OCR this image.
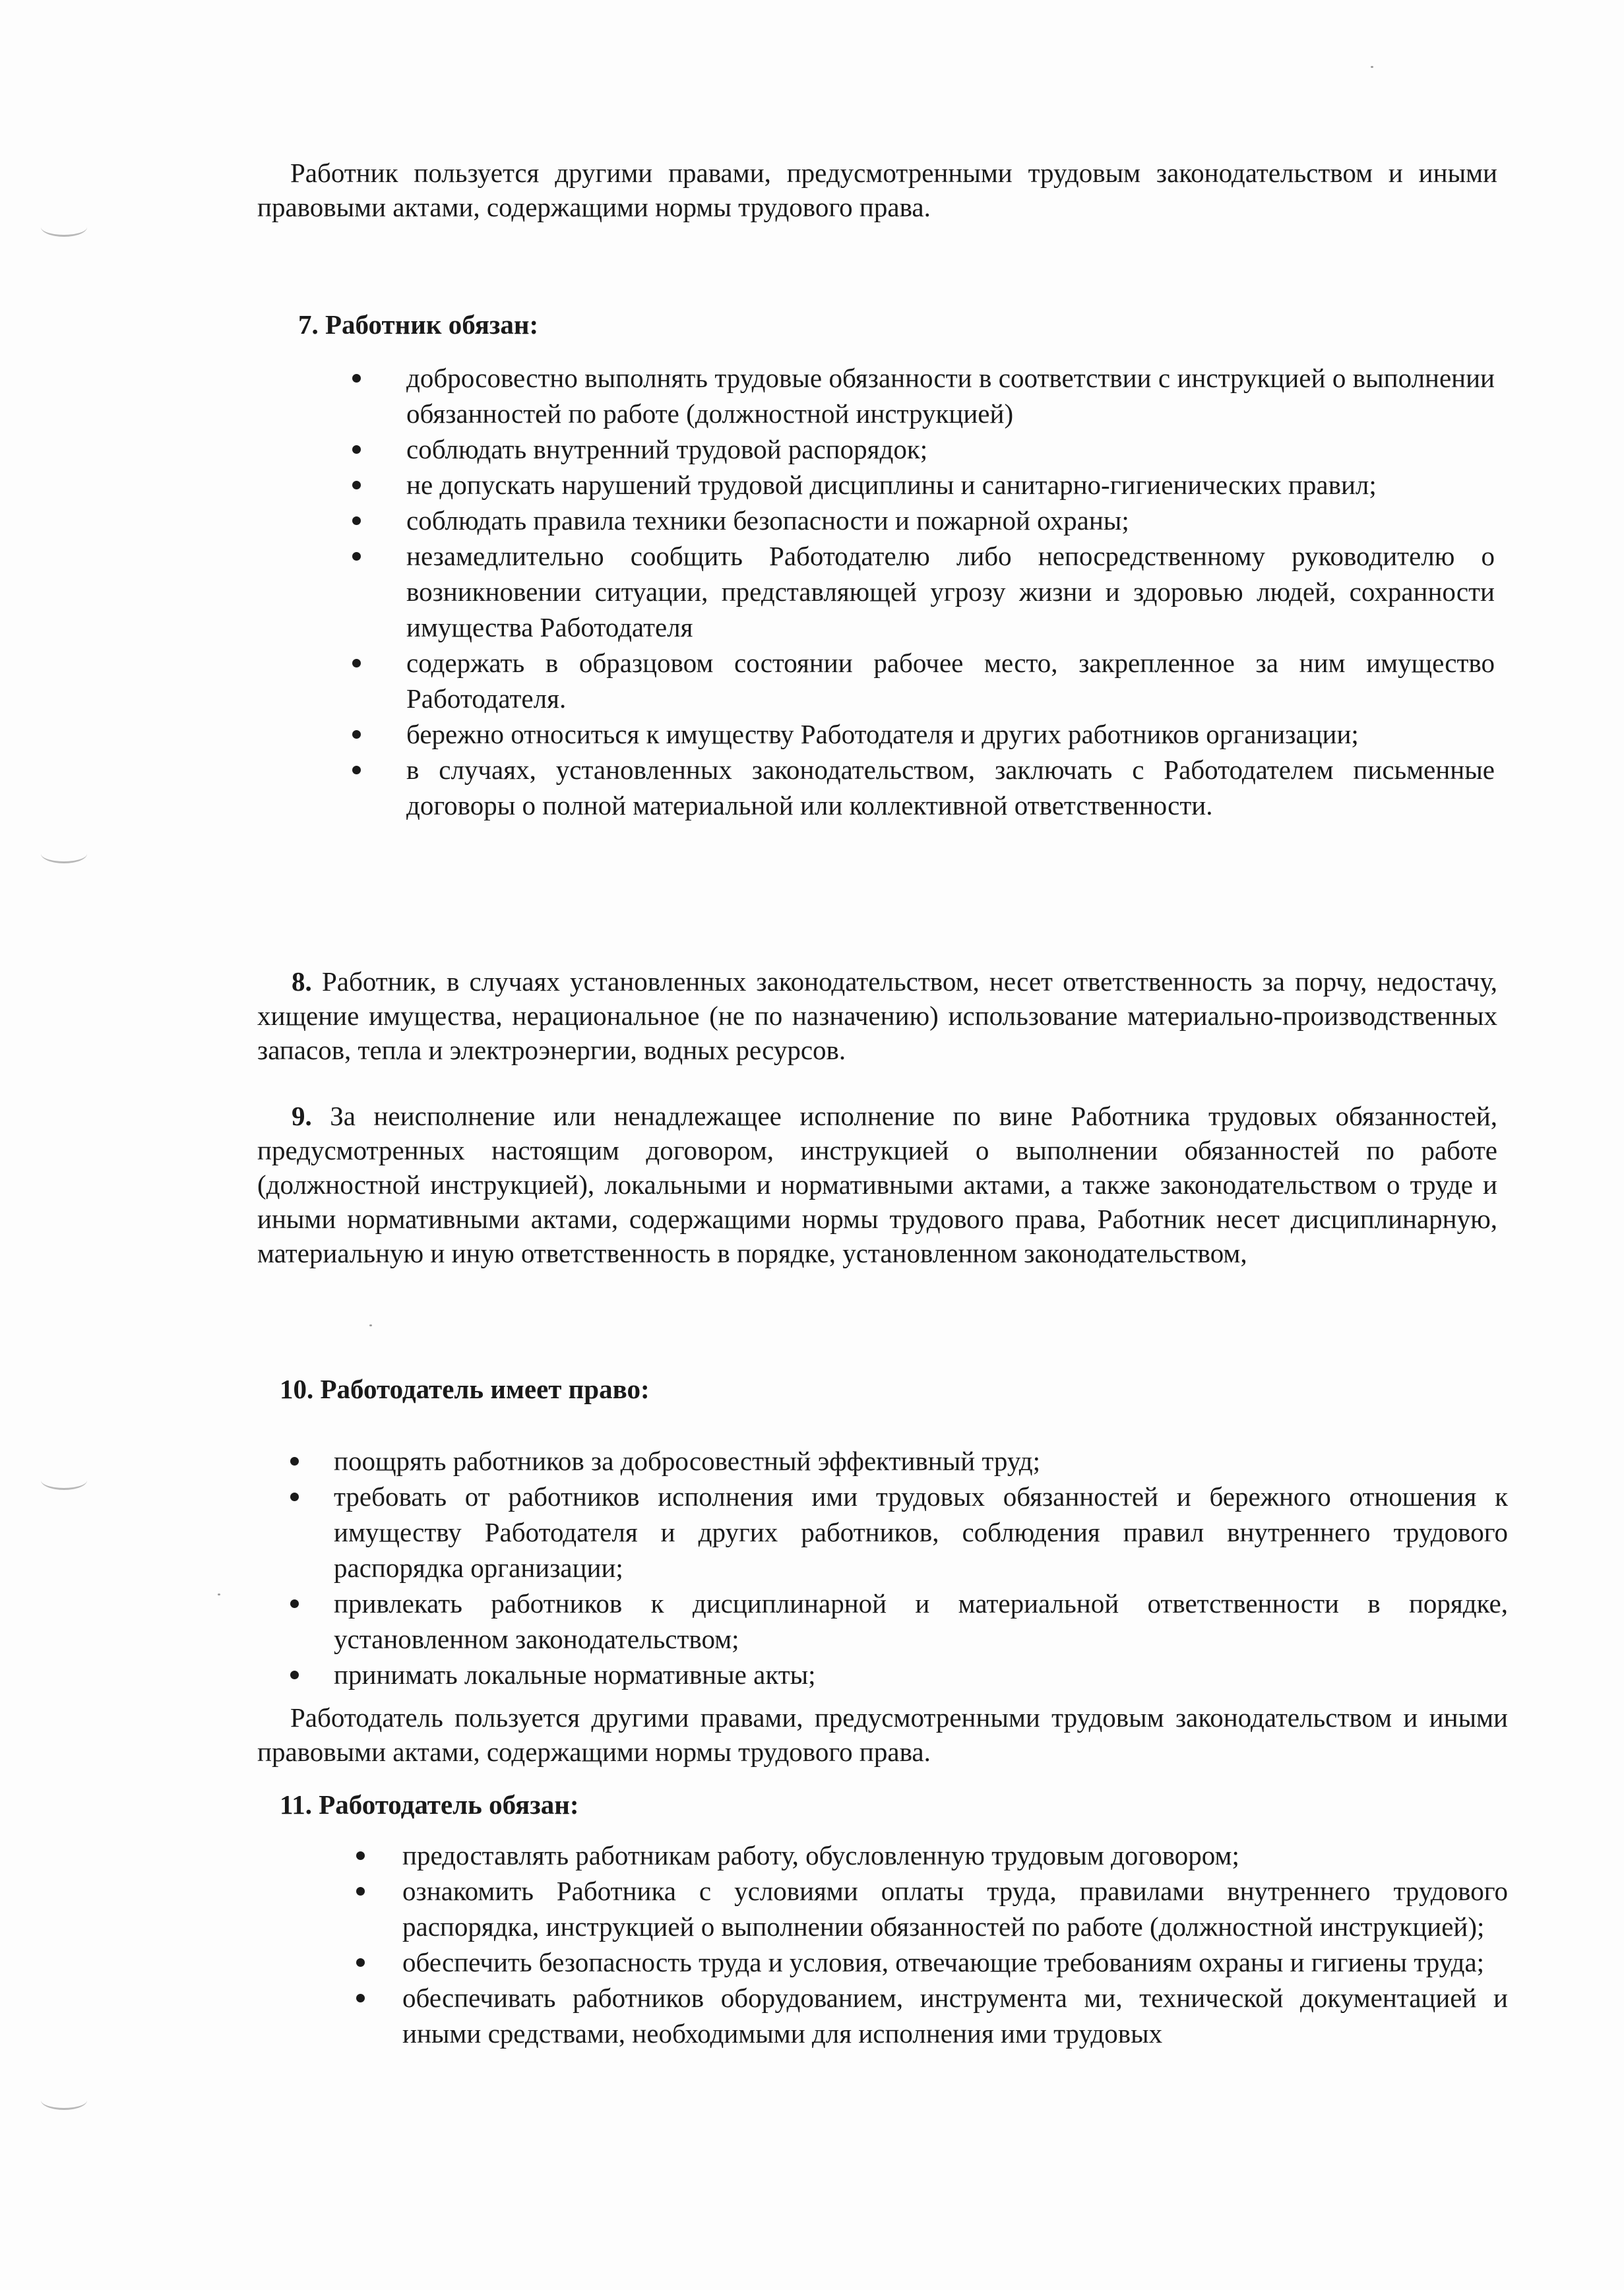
Работник пользуется другими правами, предусмотренными трудовым законодательством и иными правовыми актами, содержащими нормы трудового права.
7. Работник обязан:
добросовестно выполнять трудовые обязанности в соответствии с инструкцией о выполнении обязанностей по работе (должностной инструкцией)
соблюдать внутренний трудовой распорядок;
не допускать нарушений трудовой дисциплины и санитарно-гигиенических правил;
соблюдать правила техники безопасности и пожарной охраны;
незамедлительно сообщить Работодателю либо непосредственному руководителю о возникновении ситуации, представляющей угрозу жизни и здоровью людей, сохранности имущества Работодателя
содержать в образцовом состоянии рабочее место, закрепленное за ним имущество Работодателя.
бережно относиться к имуществу Работодателя и других работников организации;
в случаях, установленных законодательством, заключать с Работодателем письменные договоры о полной материальной или коллективной ответственности.
8. Работник, в случаях установленных законодательством, несет ответственность за порчу, недостачу, хищение имущества, нерациональное (не по назначению) использование материально-производственных запасов, тепла и электроэнергии, водных ресурсов.
9. За неисполнение или ненадлежащее исполнение по вине Работника трудовых обязанностей, предусмотренных настоящим договором, инструкцией о выполнении обязанностей по работе (должностной инструкцией), локальными и нормативными актами, а также законодательством о труде и иными нормативными актами, содержащими нормы трудового права, Работник несет дисциплинарную, материальную и иную ответственность в порядке, установленном законодательством,
10. Работодатель имеет право:
поощрять работников за добросовестный эффективный труд;
требовать от работников исполнения ими трудовых обязанностей и бережного отношения к имуществу Работодателя и других работников, соблюдения правил внутреннего трудового распорядка организации;
привлекать работников к дисциплинарной и материальной ответственности в порядке, установленном законодательством;
принимать локальные нормативные акты;
Работодатель пользуется другими правами, предусмотренными трудовым законодательством и иными правовыми актами, содержащими нормы трудового права.
11. Работодатель обязан:
предоставлять работникам работу, обусловленную трудовым договором;
ознакомить Работника с условиями оплаты труда, правилами внутреннего трудового распорядка, инструкцией о выполнении обязанностей по работе (должностной инструкцией);
обеспечить безопасность труда и условия, отвечающие требованиям охраны и гигиены труда;
обеспечивать работников оборудованием, инструмента ми, технической документацией и иными средствами, необходимыми для исполнения ими трудовых
